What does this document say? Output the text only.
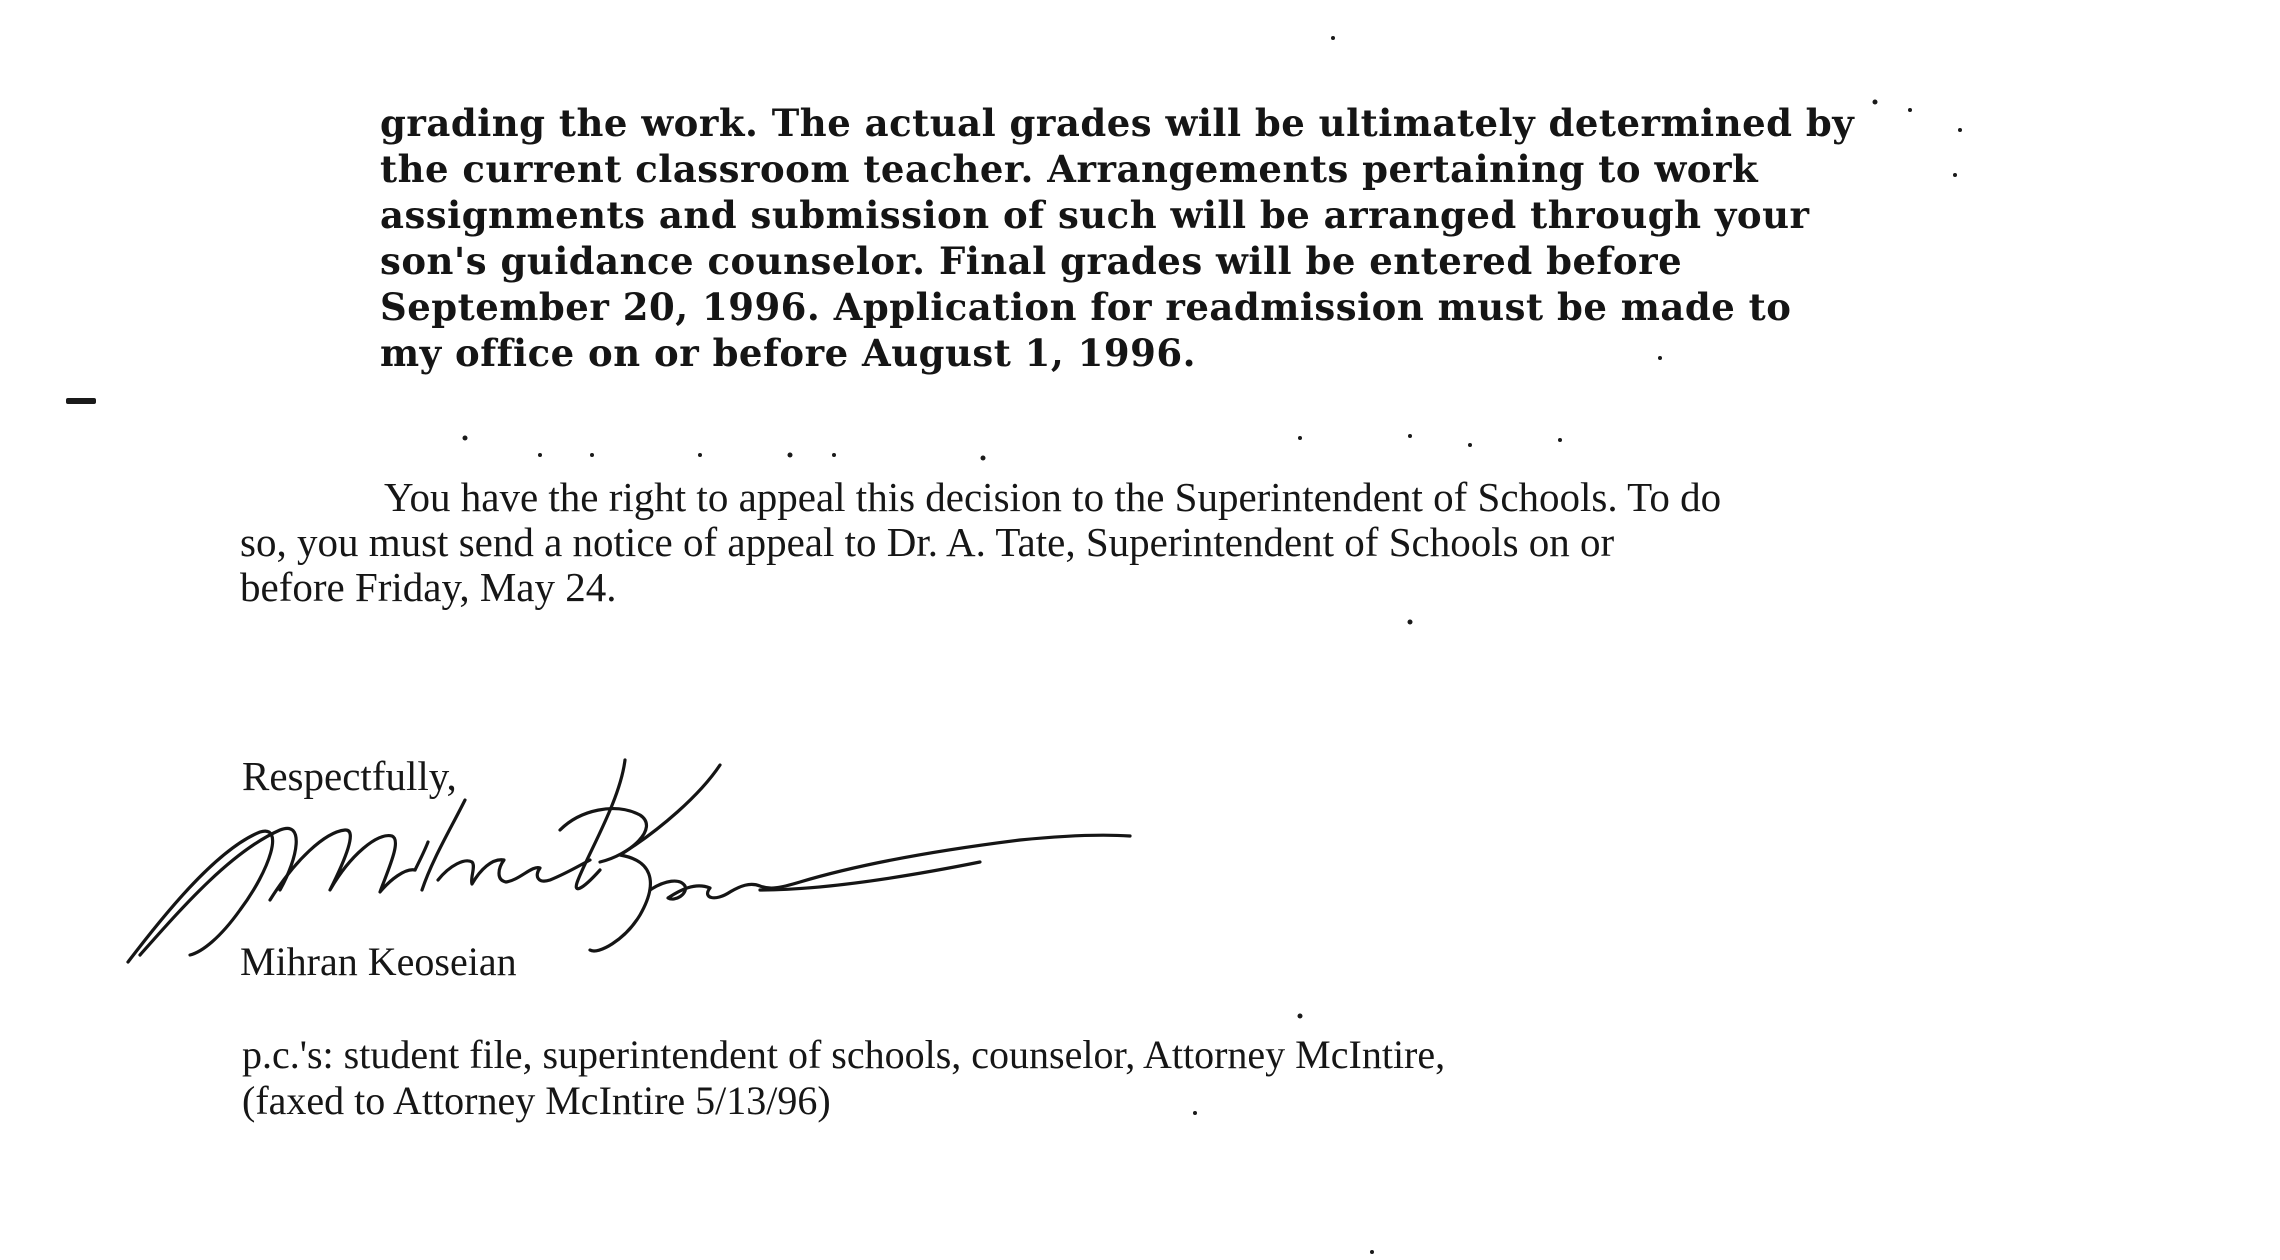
grading the work. The actual grades will be ultimately determined by
the current classroom teacher. Arrangements pertaining to work
assignments and submission of such will be arranged through your
son's guidance counselor. Final grades will be entered before
September 20, 1996. Application for readmission must be made to
my office on or before August 1, 1996.
You have the right to appeal this decision to the Superintendent of Schools. To do
so, you must send a notice of appeal to Dr. A. Tate, Superintendent of Schools on or
before Friday, May 24.
Respectfully,
Mihran Keoseian
p.c.'s: student file, superintendent of schools, counselor, Attorney McIntire,
(faxed to Attorney McIntire 5/13/96)
